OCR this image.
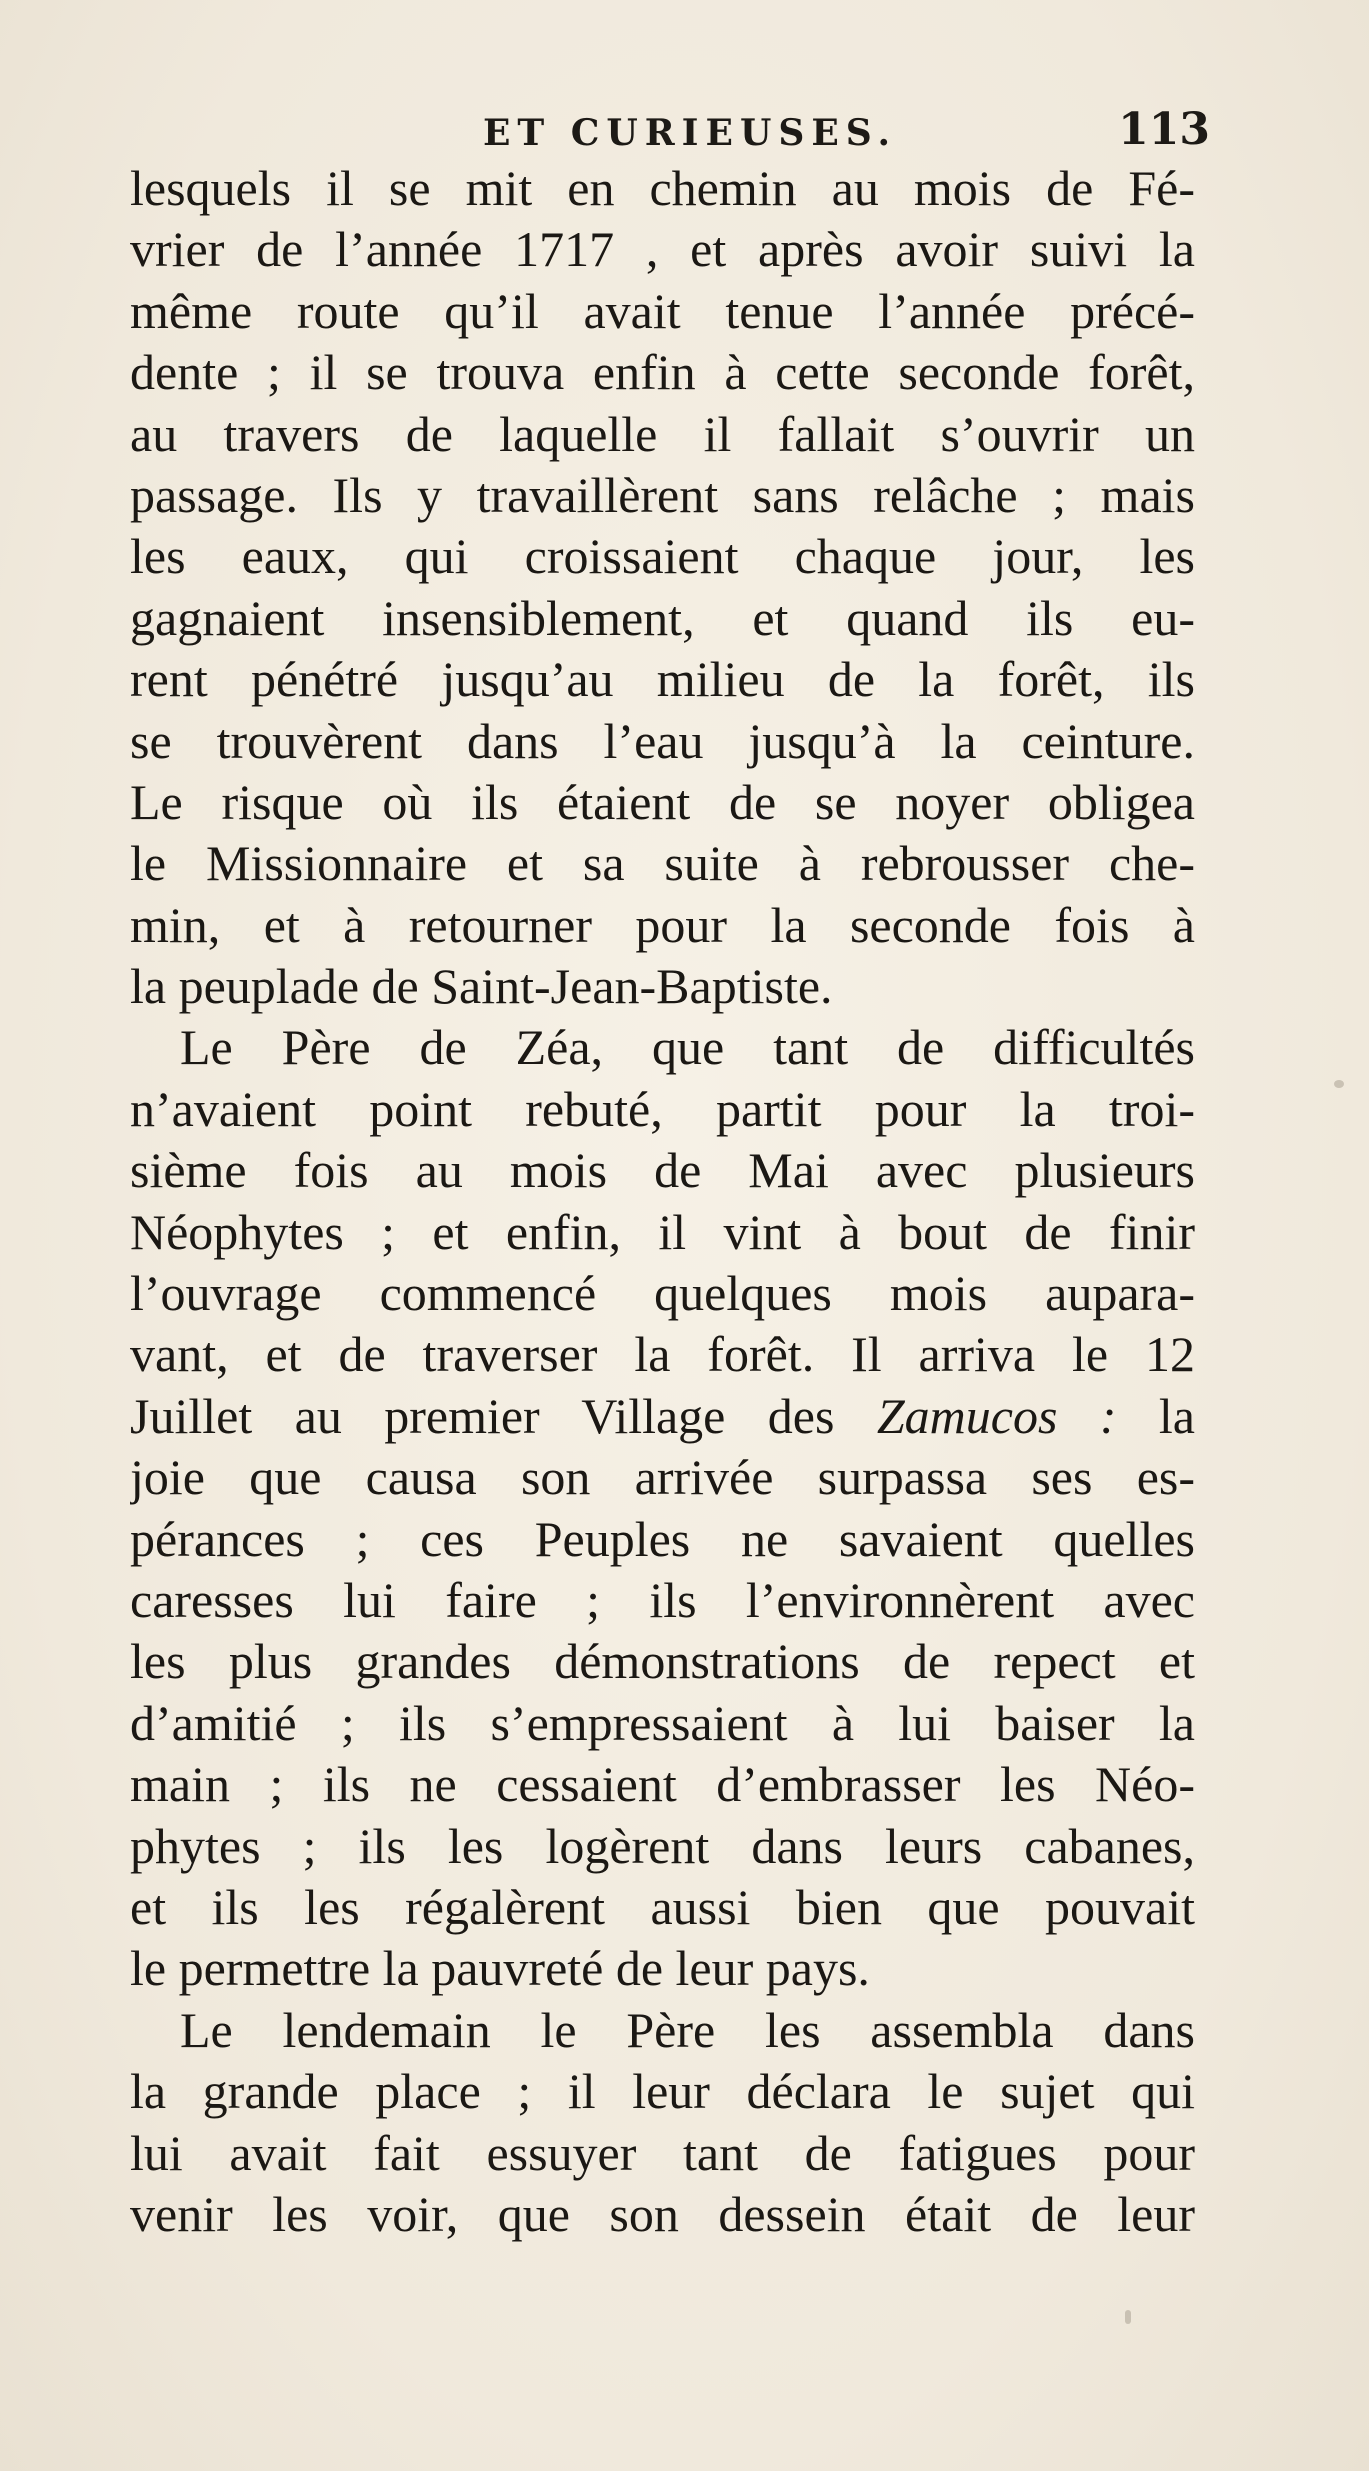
ET CURIEUSES.	113
lesquels il se mit en chemin au mois de Fé-
vrier de l’année 1717 , et après avoir suivi la
même route qu’il avait tenue l’année précé-
dente ; il se trouva enfin à cette seconde forêt,
au travers de laquelle il fallait s’ouvrir un
passage. Ils y travaillèrent sans relâche ; mais
les eaux, qui croissaient chaque jour, les
gagnaient insensiblement, et quand ils eu-
rent pénétré jusqu’au milieu de la forêt, ils
se trouvèrent dans l’eau jusqu’à la ceinture.
Le risque où ils étaient de se noyer obligea
le Missionnaire et sa suite à rebrousser che-
min, et à retourner pour la seconde fois à
la peuplade de Saint-Jean-Baptiste.
Le Père de Zéa, que tant de difficultés
n’avaient point rebuté, partit pour la troi-
sième fois au mois de Mai avec plusieurs
Néophytes ; et enfin, il vint à bout de finir
l’ouvrage commencé quelques mois aupara-
vant, et de traverser la forêt. Il arriva le 12
Juillet au premier Village des Zamucos : la
joie que causa son arrivée surpassa ses es-
pérances ; ces Peuples ne savaient quelles
caresses lui faire ; ils l’environnèrent avec
les plus grandes démonstrations de repect et
d’amitié ; ils s’empressaient à lui baiser la
main ; ils ne cessaient d’embrasser les Néo-
phytes ; ils les logèrent dans leurs cabanes,
et ils les régalèrent aussi bien que pouvait
le permettre la pauvreté de leur pays.
Le lendemain le Père les assembla dans
la grande place ; il leur déclara le sujet qui
lui avait fait essuyer tant de fatigues pour
venir les voir, que son dessein était de leur
